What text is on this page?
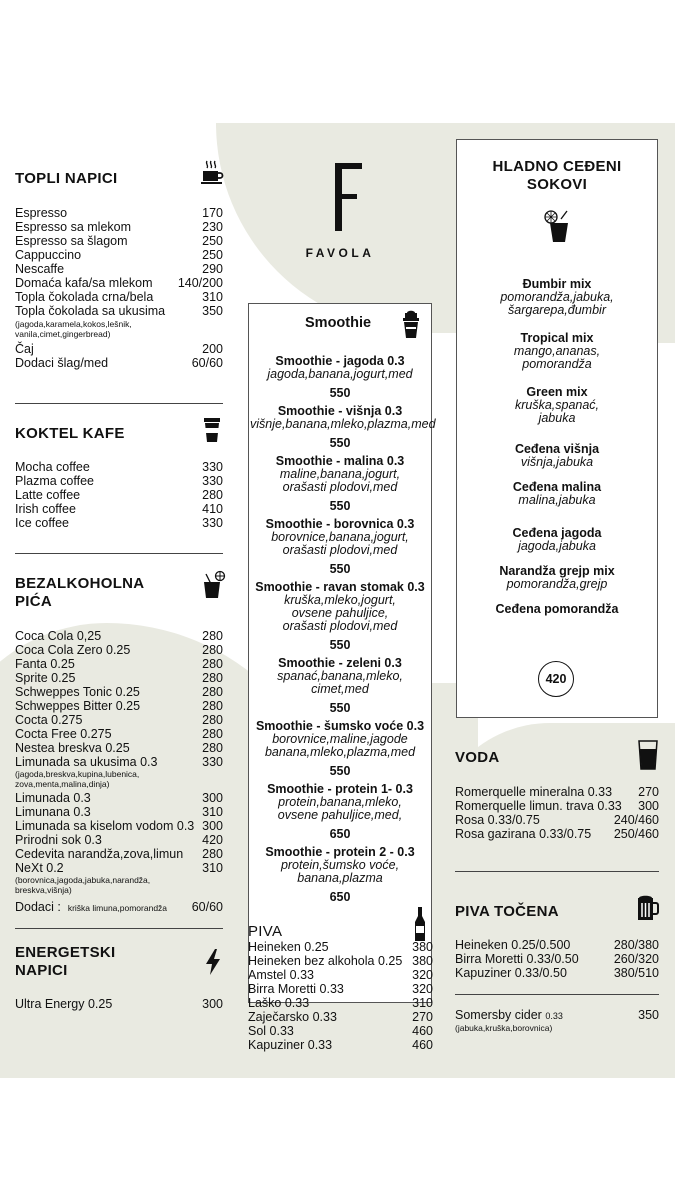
TOPLI NAPICI
Espresso	170
Espresso sa mlekom	230
Espresso sa šlagom	250
Cappuccino	250
Nescaffe	290
Domaća kafa/sa mlekom 140/200
Topla čokolada crna/bela	310
Topla čokolada sa ukusima	350
(jagoda,karamela,kokos,lešnik,
vanila,cimet,gingerbread)
Čaj	200
Dodaci šlag/med	60/60
KOKTEL KAFE
Mocha coffee	330
Plazma coffee	330
Latte coffee	280
Irish coffee	410
Ice coffee	330
BEZALKOHOLNA
PIĆA
Coca Cola 0,25	280
Coca Cola Zero 0.25	280
Fanta 0.25	280
Sprite 0.25	280
Schweppes Tonic 0.25	280
Schweppes Bitter 0.25	280
Cocta 0.275	280
Cocta Free 0.275	280
Nestea breskva 0.25	280
Limunada sa ukusima 0.3	330
(jagoda,breskva,kupina,lubenica,
zova,menta,malina,dinja)
Limunada 0.3	300
Limunana 0.3	310
Limunada sa kiselom vodom 0.3 300
Prirodni sok 0.3	420
Cedevita narandža,zova,limun 280
NeXt 0.2	310
(borovnica,jagoda,jabuka,narandža,
breskva,višnja)
Dodaci : kriška limuna,pomorandža 60/60
ENERGETSKI
NAPICI
Ultra Energy 0.25	300
FAVOLA
Smoothie
Smoothie - jagoda 0.3
jagoda,banana,jogurt,med
550
Smoothie - višnja 0.3
višnje,banana,mleko,plazma,med
550
Smoothie - malina 0.3
maline,banana,jogurt,
orašasti plodovi,med
550
Smoothie - borovnica 0.3
borovnice,banana,jogurt,
orašasti plodovi,med
550
Smoothie - ravan stomak 0.3
kruška,mleko,jogurt,
ovsene pahuljice,
orašasti plodovi,med
550
Smoothie - zeleni 0.3
spanać,banana,mleko,
cimet,med
550
Smoothie - šumsko voće 0.3
borovnice,maline,jagode
banana,mleko,plazma,med
550
Smoothie - protein 1- 0.3
protein,banana,mleko,
ovsene pahuljice,med,
650
Smoothie - protein 2 - 0.3
protein,šumsko voće,
banana,plazma
650
PIVA
Heineken 0.25	380
Heineken bez alkohola 0.25 380
Amstel 0.33	320
Birra Moretti 0.33	320
Laško 0.33	310
Zaječarsko 0.33	270
Sol 0.33	460
Kapuziner 0.33	460
HLADNO CEĐENI
SOKOVI
Đumbir mix
pomorandža,jabuka,
šargarepa,đumbir
Tropical mix
mango,ananas,
pomorandža
Green mix
kruška,spanać,
jabuka
Ceđena višnja
višnja,jabuka
Ceđena malina
malina,jabuka
Ceđena jagoda
jagoda,jabuka
Narandža grejp mix
pomorandža,grejp
Ceđena pomorandža
420
VODA
Romerquelle mineralna 0.33 270
Romerquelle limun. trava 0.33 300
Rosa 0.33/0.75	240/460
Rosa gazirana 0.33/0.75 250/460
PIVA TOČENA
Heineken 0.25/0.500	280/380
Birra Moretti 0.33/0.50	260/320
Kapuziner 0.33/0.50	380/510
Somersby cider 0.33	350
(jabuka,kruška,borovnica)
